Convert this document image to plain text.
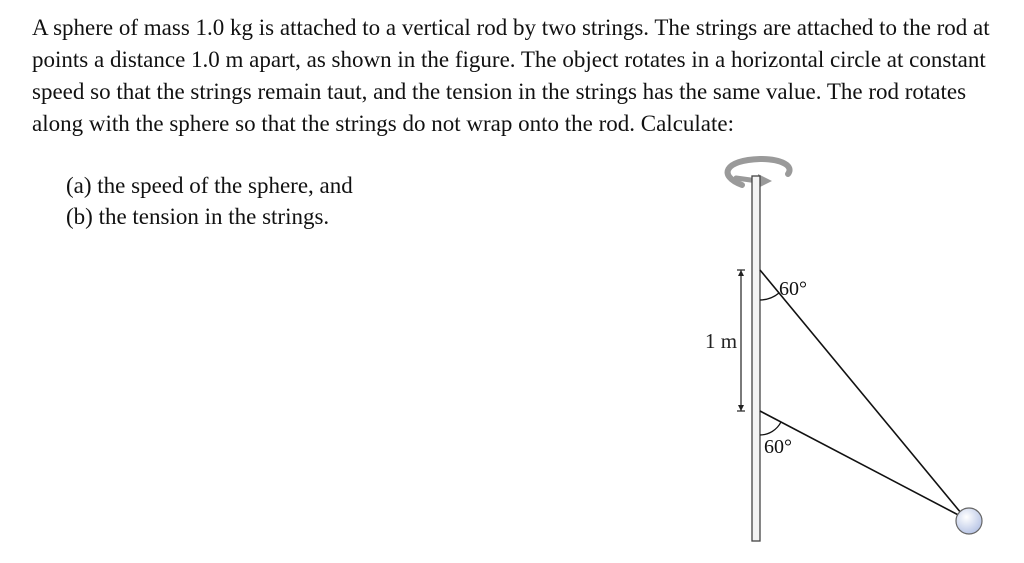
A sphere of mass 1.0 kg is attached to a vertical rod by two strings. The strings are attached to the rod at points a distance 1.0 m apart, as shown in the figure. The object rotates in a horizontal circle at constant speed so that the strings remain taut, and the tension in the strings has the same value. The rod rotates along with the sphere so that the strings do not wrap onto the rod. Calculate:

(a) the speed of the sphere, and
(b) the tension in the strings.
1 m
60°
60°
